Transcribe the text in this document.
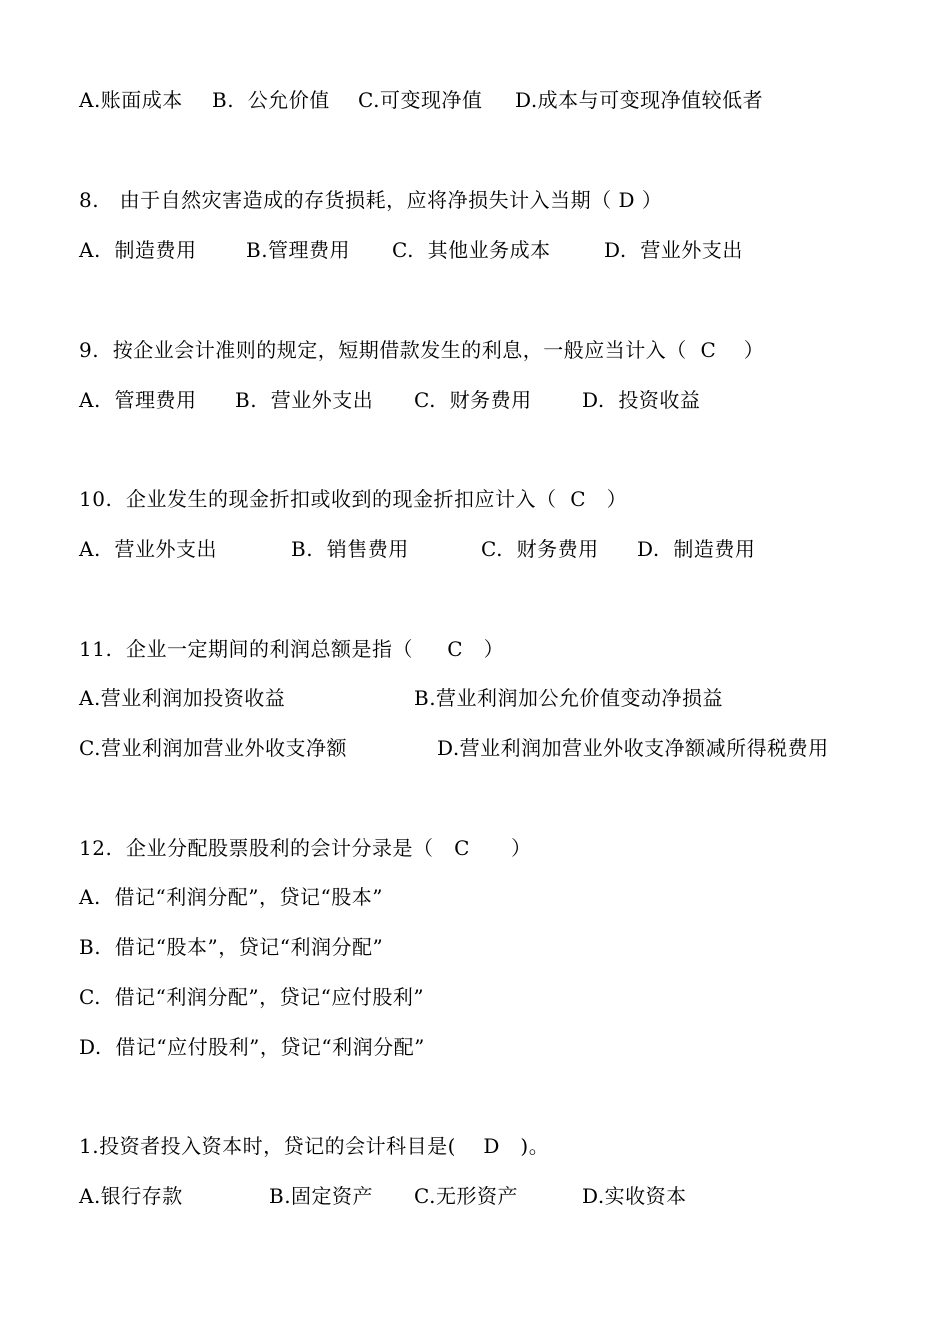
A.账面成本

B.  公允价值

C.可变现净值

D.成本与可变现净值较低者

8.   由于自然灾害造成的存货损耗，应将净损失计入当期（ D ）

A.  制造费用

B.管理费用

C.  其他业务成本

	D.  营业外支出

9.  按企业会计准则的规定，短期借款发生的利息，一般应当计入（  C    ）

A.  管理费用

B.  营业外支出

C.  财务费用

	D.  投资收益

10.  企业发生的现金折扣或收到的现金折扣应计入（  C   ）

A.  营业外支出

	B.  销售费用

	C.  财务费用

D.  制造费用

11.  企业一定期间的利润总额是指（     C   ）

A.营业利润加投资收益

	B.营业利润加公允价值变动净损益

C.营业利润加营业外收支净额

	D.营业利润加营业外收支净额减所得税费用

12.  企业分配股票股利的会计分录是（   C      ）
A.  借记“利润分配”，贷记“股本”
B.  借记“股本”，贷记“利润分配”
C.  借记“利润分配”，贷记“应付股利”
D.  借记“应付股利”，贷记“利润分配”
1.投资者投入资本时，贷记的会计科目是(    D   )。

A.银行存款

	B.固定资产

C.无形资产

	D.实收资本
